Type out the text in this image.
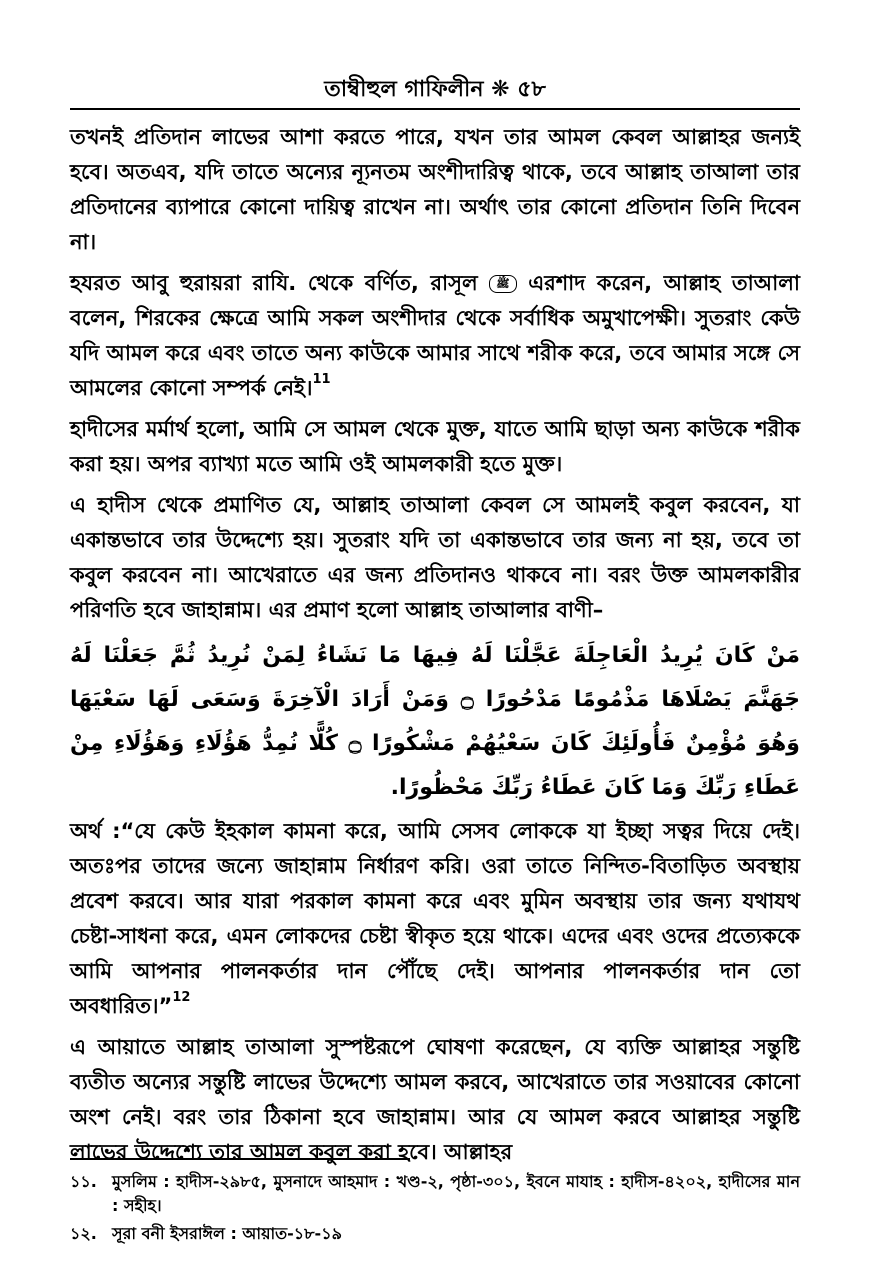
তাম্বীহুল গাফিলীন ❋ ৫৮

তখনই প্রতিদান লাভের আশা করতে পারে, যখন তার আমল কেবল আল্লাহর জন্যই হবে। অতএব, যদি তাতে অন্যের ন্যূনতম অংশীদারিত্ব থাকে, তবে আল্লাহ তাআলা তার প্রতিদানের ব্যাপারে কোনো দায়িত্ব রাখেন না। অর্থাৎ তার কোনো প্রতিদান তিনি দিবেন না।

হযরত আবু হুরায়রা রাযি. থেকে বর্ণিত, রাসূল ﷺ এরশাদ করেন, আল্লাহ তাআলা বলেন, শিরকের ক্ষেত্রে আমি সকল অংশীদার থেকে সর্বাধিক অমুখাপেক্ষী। সুতরাং কেউ যদি আমল করে এবং তাতে অন্য কাউকে আমার সাথে শরীক করে, তবে আমার সঙ্গে সে আমলের কোনো সম্পর্ক নেই।$^{11}$

হাদীসের মর্মার্থ হলো, আমি সে আমল থেকে মুক্ত, যাতে আমি ছাড়া অন্য কাউকে শরীক করা হয়। অপর ব্যাখ্যা মতে আমি ওই আমলকারী হতে মুক্ত।

এ হাদীস থেকে প্রমাণিত যে, আল্লাহ তাআলা কেবল সে আমলই কবুল করবেন, যা একান্তভাবে তার উদ্দেশ্যে হয়। সুতরাং যদি তা একান্তভাবে তার জন্য না হয়, তবে তা কবুল করবেন না। আখেরাতে এর জন্য প্রতিদানও থাকবে না। বরং উক্ত আমলকারীর পরিণতি হবে জাহান্নাম। এর প্রমাণ হলো আল্লাহ তাআলার বাণী–

مَنْ كَانَ يُرِيدُ الْعَاجِلَةَ عَجَّلْنَا لَهُ فِيهَا مَا نَشَاءُ لِمَنْ نُرِيدُ ثُمَّ جَعَلْنَا لَهُ جَهَنَّمَ يَصْلَاهَا مَذْمُومًا مَدْحُورًا ۝ وَمَنْ أَرَادَ الْآخِرَةَ وَسَعَى لَهَا سَعْيَهَا وَهُوَ مُؤْمِنٌ فَأُولَئِكَ كَانَ سَعْيُهُمْ مَشْكُورًا ۝ كُلًّا نُمِدُّ هَؤُلَاءِ وَهَؤُلَاءِ مِنْ عَطَاءِ رَبِّكَ وَمَا كَانَ عَطَاءُ رَبِّكَ مَحْظُورًا.

অর্থ :“যে কেউ ইহকাল কামনা করে, আমি সেসব লোককে যা ইচ্ছা সত্বর দিয়ে দেই। অতঃপর তাদের জন্যে জাহান্নাম নির্ধারণ করি। ওরা তাতে নিন্দিত-বিতাড়িত অবস্থায় প্রবেশ করবে। আর যারা পরকাল কামনা করে এবং মুমিন অবস্থায় তার জন্য যথাযথ চেষ্টা-সাধনা করে, এমন লোকদের চেষ্টা স্বীকৃত হয়ে থাকে। এদের এবং ওদের প্রত্যেককে আমি আপনার পালনকর্তার দান পৌঁছে দেই। আপনার পালনকর্তার দান তো অবধারিত।”$^{12}$

এ আয়াতে আল্লাহ তাআলা সুস্পষ্টরূপে ঘোষণা করেছেন, যে ব্যক্তি আল্লাহর সন্তুষ্টি ব্যতীত অন্যের সন্তুষ্টি লাভের উদ্দেশ্যে আমল করবে, আখেরাতে তার সওয়াবের কোনো অংশ নেই। বরং তার ঠিকানা হবে জাহান্নাম। আর যে আমল করবে আল্লাহর সন্তুষ্টি লাভের উদ্দেশ্যে তার আমল কবুল করা হবে। আল্লাহর

১১. মুসলিম : হাদীস-২৯৮৫, মুসনাদে আহমাদ : খণ্ড-২, পৃষ্ঠা-৩০১, ইবনে মাযাহ : হাদীস-৪২০২, হাদীসের মান : সহীহ।
১২. সূরা বনী ইসরাঈল : আয়াত-১৮-১৯
